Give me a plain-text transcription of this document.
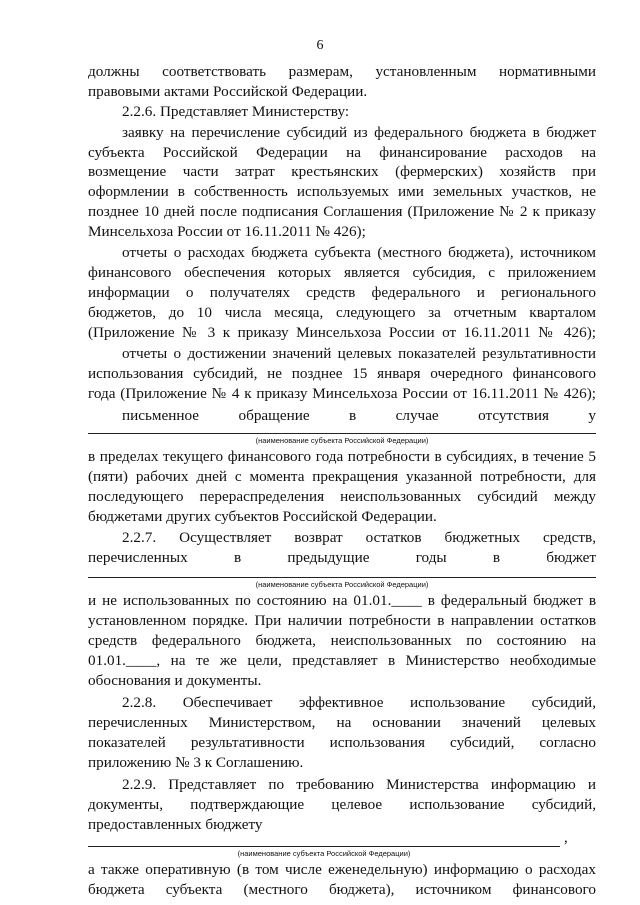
6
должны соответствовать размерам, установленным нормативными
правовыми актами Российской Федерации.
2.2.6. Представляет Министерству:
заявку на перечисление субсидий из федерального бюджета в бюджет
субъекта Российской Федерации на финансирование расходов на
возмещение части затрат крестьянских (фермерских) хозяйств при
оформлении в собственность используемых ими земельных участков, не
позднее 10 дней после подписания Соглашения (Приложение № 2 к приказу
Минсельхоза России от 16.11.2011 № 426);
отчеты о расходах бюджета субъекта (местного бюджета), источником
финансового обеспечения которых является субсидия, с приложением
информации о получателях средств федерального и регионального
бюджетов, до 10 числа месяца, следующего за отчетным кварталом
(Приложение № 3 к приказу Минсельхоза России от 16.11.2011 № 426);
отчеты о достижении значений целевых показателей результативности
использования субсидий, не позднее 15 января очередного финансового
года (Приложение № 4 к приказу Минсельхоза России от 16.11.2011 № 426);
письменное обращение в случае отсутствия у
(наименование субъекта Российской Федерации)
в пределах текущего финансового года потребности в субсидиях, в течение 5
(пяти) рабочих дней с момента прекращения указанной потребности, для
последующего перераспределения неиспользованных субсидий между
бюджетами других субъектов Российской Федерации.
2.2.7. Осуществляет возврат остатков бюджетных средств,
перечисленных в предыдущие годы в бюджет
(наименование субъекта Российской Федерации)
и не использованных по состоянию на 01.01.____ в федеральный бюджет в
установленном порядке. При наличии потребности в направлении остатков
средств федерального бюджета, неиспользованных по состоянию на
01.01.____, на те же цели, представляет в Министерство необходимые
обоснования и документы.
2.2.8. Обеспечивает эффективное использование субсидий,
перечисленных Министерством, на основании значений целевых
показателей результативности использования субсидий, согласно
приложению № 3 к Соглашению.
2.2.9. Представляет по требованию Министерства информацию и
документы, подтверждающие целевое использование субсидий,
предоставленных бюджету
,
(наименование субъекта Российской Федерации)
а также оперативную (в том числе еженедельную) информацию о расходах
бюджета субъекта (местного бюджета), источником финансового
